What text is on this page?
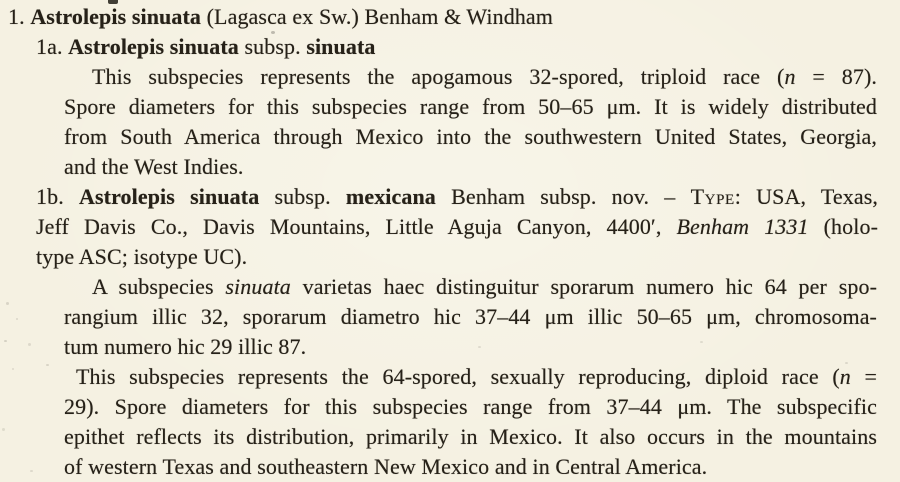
1. Astrolepis sinuata (Lagasca ex Sw.) Benham & Windham
1a. Astrolepis sinuata subsp. sinuata
This subspecies represents the apogamous 32-spored, triploid race (n = 87).
Spore diameters for this subspecies range from 50–65 μm. It is widely distributed
from South America through Mexico into the southwestern United States, Georgia,
and the West Indies.
1b. Astrolepis sinuata subsp. mexicana Benham subsp. nov. – Type: USA, Texas,
Jeff Davis Co., Davis Mountains, Little Aguja Canyon, 4400′, Benham 1331 (holo-
type ASC; isotype UC).
A subspecies sinuata varietas haec distinguitur sporarum numero hic 64 per spo-
rangium illic 32, sporarum diametro hic 37–44 μm illic 50–65 μm, chromosoma-
tum numero hic 29 illic 87.
This subspecies represents the 64-spored, sexually reproducing, diploid race (n =
29). Spore diameters for this subspecies range from 37–44 μm. The subspecific
epithet reflects its distribution, primarily in Mexico. It also occurs in the mountains
of western Texas and southeastern New Mexico and in Central America.
